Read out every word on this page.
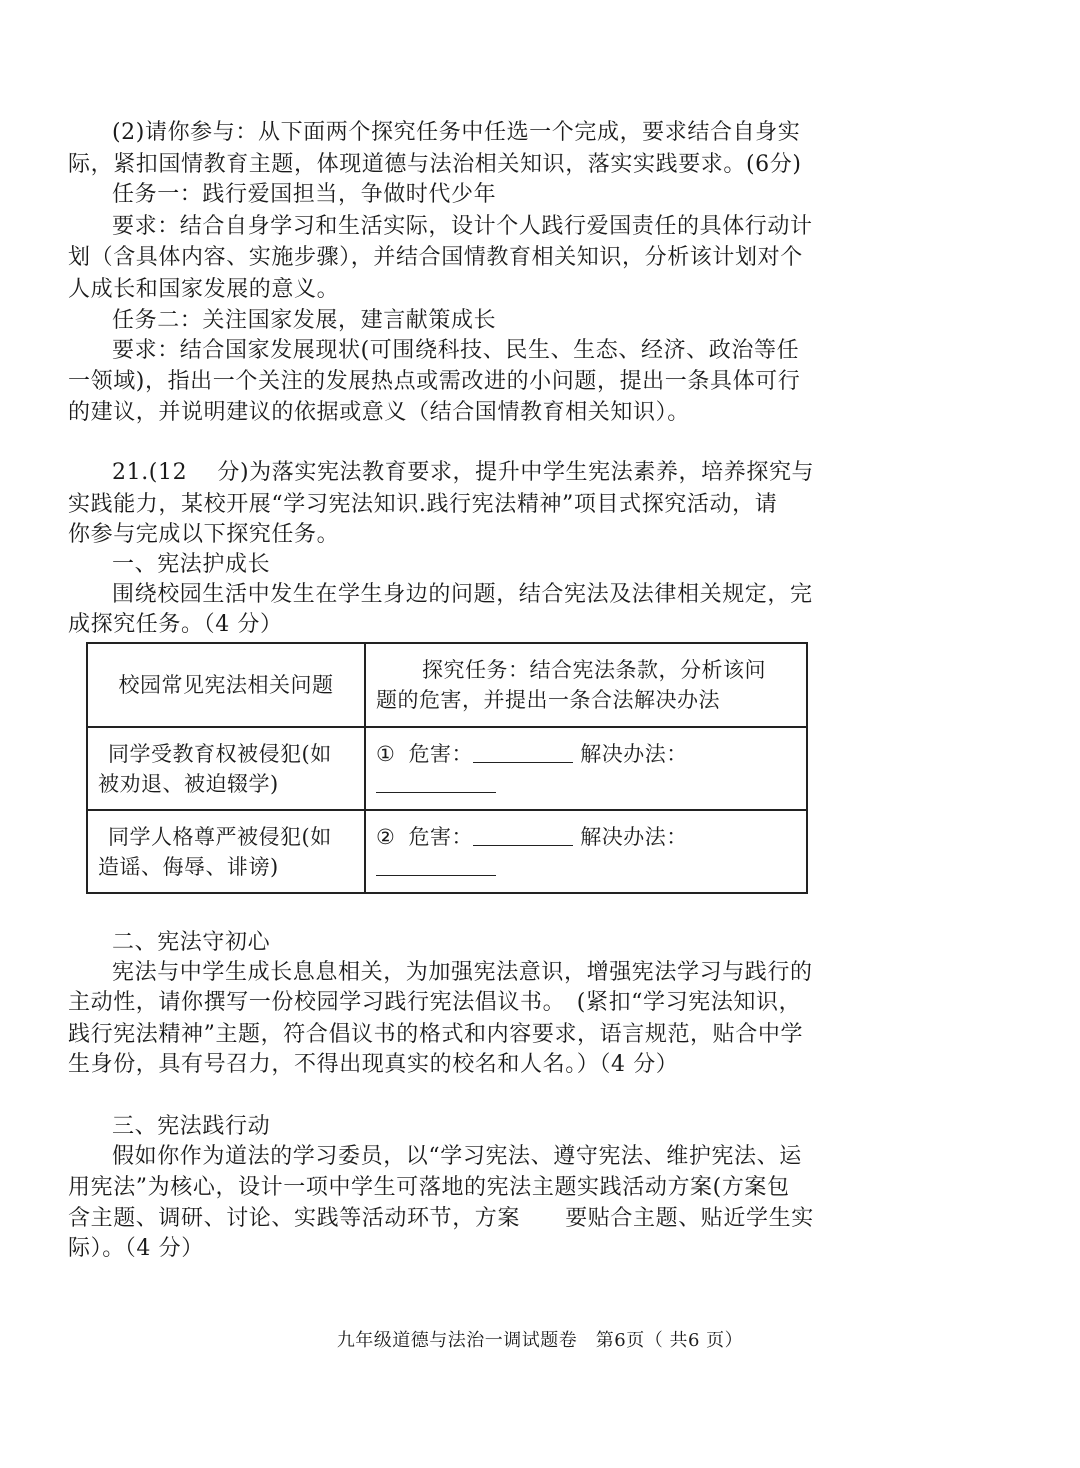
(2)请你参与：从下面两个探究任务中任选一个完成，要求结合自身实
际，紧扣国情教育主题，体现道德与法治相关知识，落实实践要求。(6分)
任务一：践行爱国担当，争做时代少年
要求：结合自身学习和生活实际，设计个人践行爱国责任的具体行动计
划（含具体内容、实施步骤），并结合国情教育相关知识，分析该计划对个
人成长和国家发展的意义。
任务二：关注国家发展，建言献策成长
要求：结合国家发展现状(可围绕科技、民生、生态、经济、政治等任
一领域)，指出一个关注的发展热点或需改进的小问题，提出一条具体可行
的建议，并说明建议的依据或意义（结合国情教育相关知识）。
21.(12　 分)为落实宪法教育要求，提升中学生宪法素养，培养探究与
实践能力，某校开展“学习宪法知识.践行宪法精神”项目式探究活动，请
你参与完成以下探究任务。
一、宪法护成长
围绕校园生活中发生在学生身边的问题，结合宪法及法律相关规定，完
成探究任务。（4 分）
校园常见宪法相关问题	探究任务：结合宪法条款，分析该问
题的危害，并提出一条合法解决办法

同学受教育权被侵犯(如
被劝退、被迫辍学)	① 危害： 解决办法：

同学人格尊严被侵犯(如
造谣、侮辱、诽谤)	② 危害： 解决办法：
二、宪法守初心
宪法与中学生成长息息相关，为加强宪法意识，增强宪法学习与践行的
主动性，请你撰写一份校园学习践行宪法倡议书。　(紧扣“学习宪法知识，
践行宪法精神”主题，符合倡议书的格式和内容要求，语言规范，贴合中学
生身份，具有号召力，不得出现真实的校名和人名。）（4 分）
三、宪法践行动
假如你作为道法的学习委员，以“学习宪法、遵守宪法、维护宪法、运
用宪法”为核心，设计一项中学生可落地的宪法主题实践活动方案(方案包
含主题、调研、讨论、实践等活动环节，方案　　要贴合主题、贴近学生实
际）。（4 分）
九年级道德与法治一调试题卷　第6页（ 共6 页）
